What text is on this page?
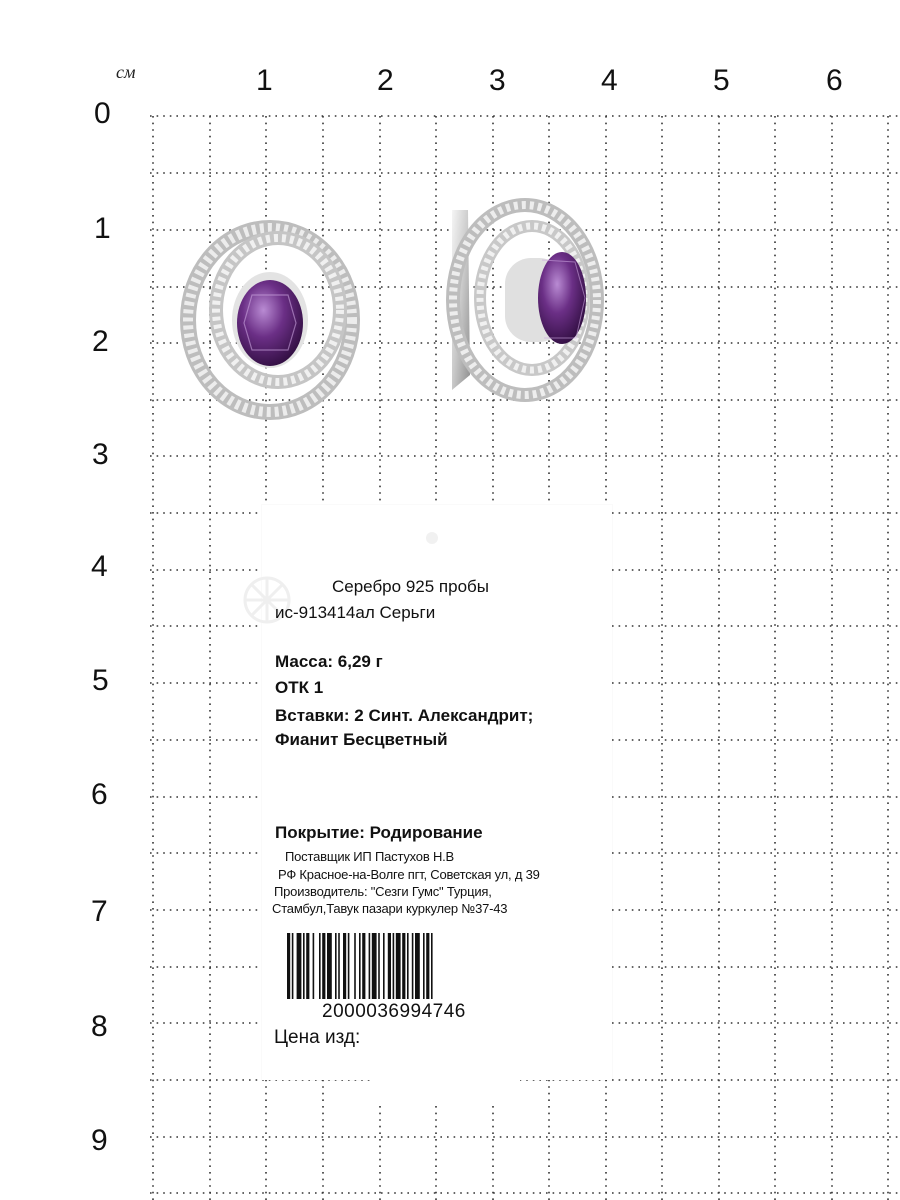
см	1	2	3	4	5	6
0
1
2
3
4
5
6
7
8
9
Серебро 925 пробы
ис-913414ал Серьги
Масса: 6,29 г
ОТК 1
Вставки: 2 Синт. Александрит;
Фианит Бесцветный
Покрытие: Родирование
Поставщик ИП Пастухов Н.В
РФ Красное-на-Волге пгт, Советская ул, д 39
Производитель: "Сезги Гумс" Турция,
Стамбул,Тавук пазари куркулер №37-43
2000036994746
Цена изд:
